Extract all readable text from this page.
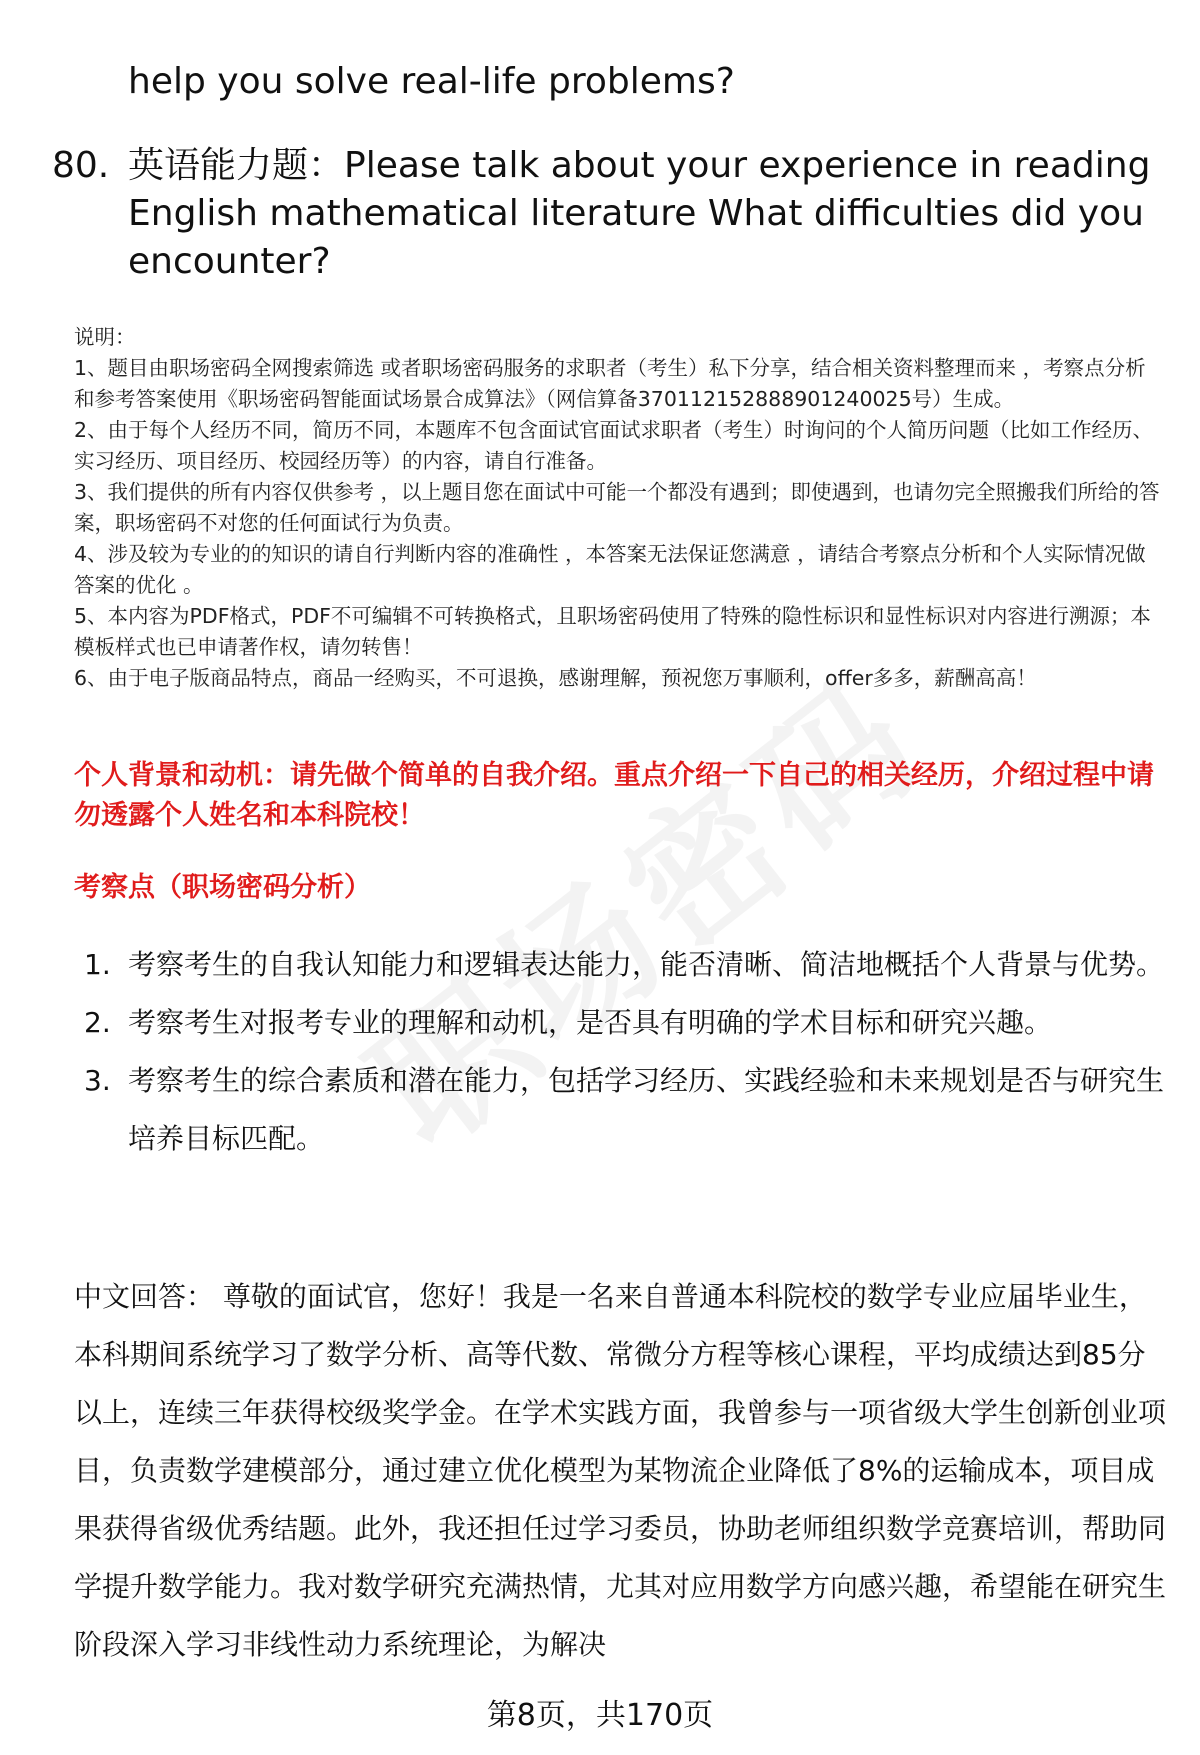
help you solve real-life problems?
80. 英语能力题：Please talk about your experience in reading English mathematical literature What difficulties did you encounter?

说明：

1、题目由职场密码全网搜索筛选 或者职场密码服务的求职者（考生）私下分享，结合相关资料整理而来 ，考察点分析和参考答案使用《职场密码智能面试场景合成算法》（网信算备370112152888901240025号）生成。

2、由于每个人经历不同，简历不同，本题库不包含面试官面试求职者（考生）时询问的个人简历问题（比如工作经历、实习经历、项目经历、校园经历等）的内容，请自行准备。

3、我们提供的所有内容仅供参考 ，以上题目您在面试中可能一个都没有遇到；即使遇到，也请勿完全照搬我们所给的答案，职场密码不对您的任何面试行为负责。

4、涉及较为专业的的知识的请自行判断内容的准确性 ，本答案无法保证您满意 ，请结合考察点分析和个人实际情况做答案的优化 。

5、本内容为PDF格式，PDF不可编辑不可转换格式，且职场密码使用了特殊的隐性标识和显性标识对内容进行溯源；本模板样式也已申请著作权，请勿转售！

6、由于电子版商品特点，商品一经购买，不可退换，感谢理解，预祝您万事顺利，offer多多，薪酬高高！

个人背景和动机：请先做个简单的自我介绍。重点介绍一下自己的相关经历，介绍过程中请勿透露个人姓名和本科院校！
考察点（职场密码分析）
1. 考察考生的自我认知能力和逻辑表达能力，能否清晰、简洁地概括个人背景与优势。
2. 考察考生对报考专业的理解和动机，是否具有明确的学术目标和研究兴趣。
3. 考察考生的综合素质和潜在能力，包括学习经历、实践经验和未来规划是否与研究生培养目标匹配。
中文回答： 尊敬的面试官，您好！我是一名来自普通本科院校的数学专业应届毕业生，本科期间系统学习了数学分析、高等代数、常微分方程等核心课程，平均成绩达到85分以上，连续三年获得校级奖学金。在学术实践方面，我曾参与一项省级大学生创新创业项目，负责数学建模部分，通过建立优化模型为某物流企业降低了8%的运输成本，项目成果获得省级优秀结题。此外，我还担任过学习委员，协助老师组织数学竞赛培训，帮助同学提升数学能力。我对数学研究充满热情，尤其对应用数学方向感兴趣，希望能在研究生阶段深入学习非线性动力系统理论，为解决
第8页，共170页
